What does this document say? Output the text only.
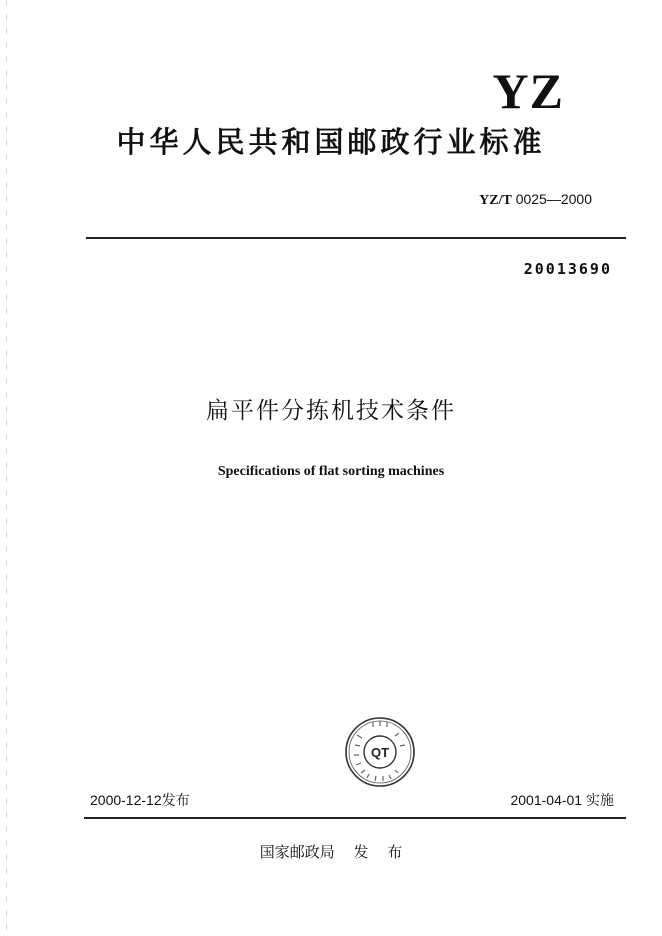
YZ
中华人民共和国邮政行业标准
YZ/T 0025—2000
20013690
扁平件分拣机技术条件
Specifications of flat sorting machines
QT
2000-12-12发布	2001-04-01 实施
国家邮政局 发 布
